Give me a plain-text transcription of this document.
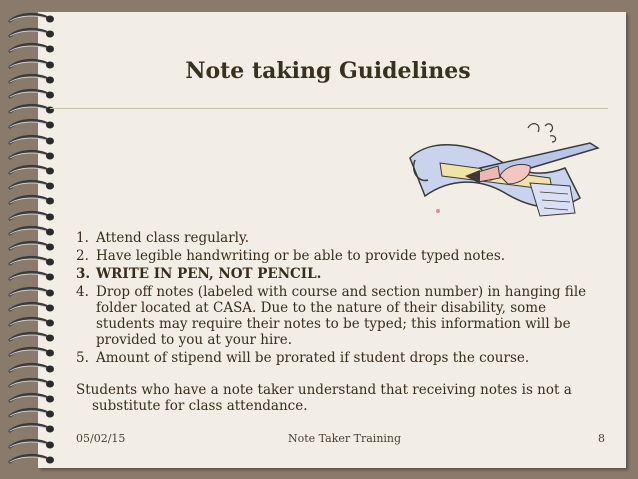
Note taking Guidelines
1. Attend class regularly.
2. Have legible handwriting or be able to provide typed notes.
3. WRITE IN PEN, NOT PENCIL.
4. Drop off notes (labeled with course and section number) in hanging file folder located at CASA. Due to the nature of their disability, some students may require their notes to be typed; this information will be provided to you at your hire.
5. Amount of stipend will be prorated if student drops the course.
Students who have a note taker understand that receiving notes is not a
substitute for class attendance.
05/02/15	Note Taker Training	8
